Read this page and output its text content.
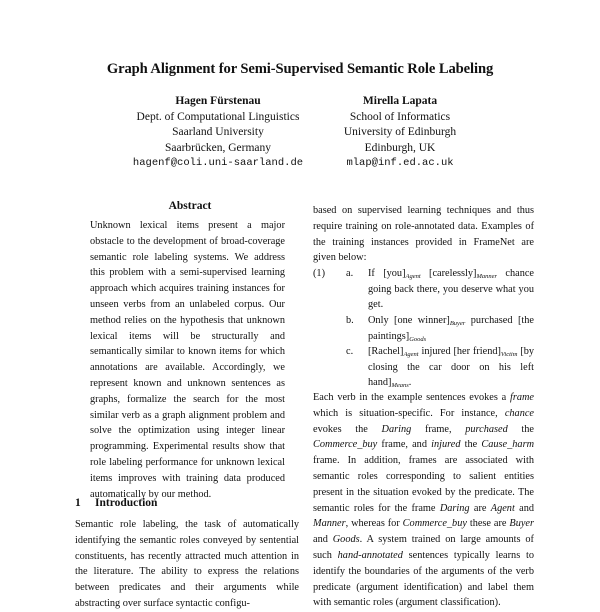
Graph Alignment for Semi-Supervised Semantic Role Labeling
Hagen Fürstenau
Dept. of Computational Linguistics
Saarland University
Saarbrücken, Germany
hagenf@coli.uni-saarland.de
Mirella Lapata
School of Informatics
University of Edinburgh
Edinburgh, UK
mlap@inf.ed.ac.uk
Abstract
Unknown lexical items present a major obstacle to the development of broad-coverage semantic role labeling systems. We address this problem with a semi-supervised learning approach which acquires training instances for unseen verbs from an unlabeled corpus. Our method relies on the hypothesis that unknown lexical items will be structurally and semantically similar to known items for which annotations are available. Accordingly, we represent known and unknown sentences as graphs, formalize the search for the most similar verb as a graph alignment problem and solve the optimization using integer linear programming. Experimental results show that role labeling performance for unknown lexical items improves with training data produced automatically by our method.
1 Introduction
Semantic role labeling, the task of automatically identifying the semantic roles conveyed by sentential constituents, has recently attracted much attention in the literature. The ability to express the relations between predicates and their arguments while abstracting over surface syntactic configu-
based on supervised learning techniques and thus require training on role-annotated data. Examples of the training instances provided in FrameNet are given below:
(1) a. If $[you]_{Agent}$ $[carelessly]_{Manner}$ chance going back there, you deserve what you get.
b. Only [one $winner]_{Buyer}$ purchased [the $paintings]_{Goods}$
c. $[Rachel]_{Agent}$ injured [her $friend]_{Victim}$ [by closing the car door on his left $hand]_{Means}$.
Each verb in the example sentences evokes a frame which is situation-specific. For instance, chance evokes the Daring frame, purchased the Commerce_buy frame, and injured the Cause_harm frame. In addition, frames are associated with semantic roles corresponding to salient entities present in the situation evoked by the predicate. The semantic roles for the frame Daring are Agent and Manner, whereas for Commerce_buy these are Buyer and Goods. A system trained on large amounts of such hand-annotated sentences typically learns to identify the boundaries of the arguments of the verb predicate (argument identification) and label them with semantic roles (argument classification).
